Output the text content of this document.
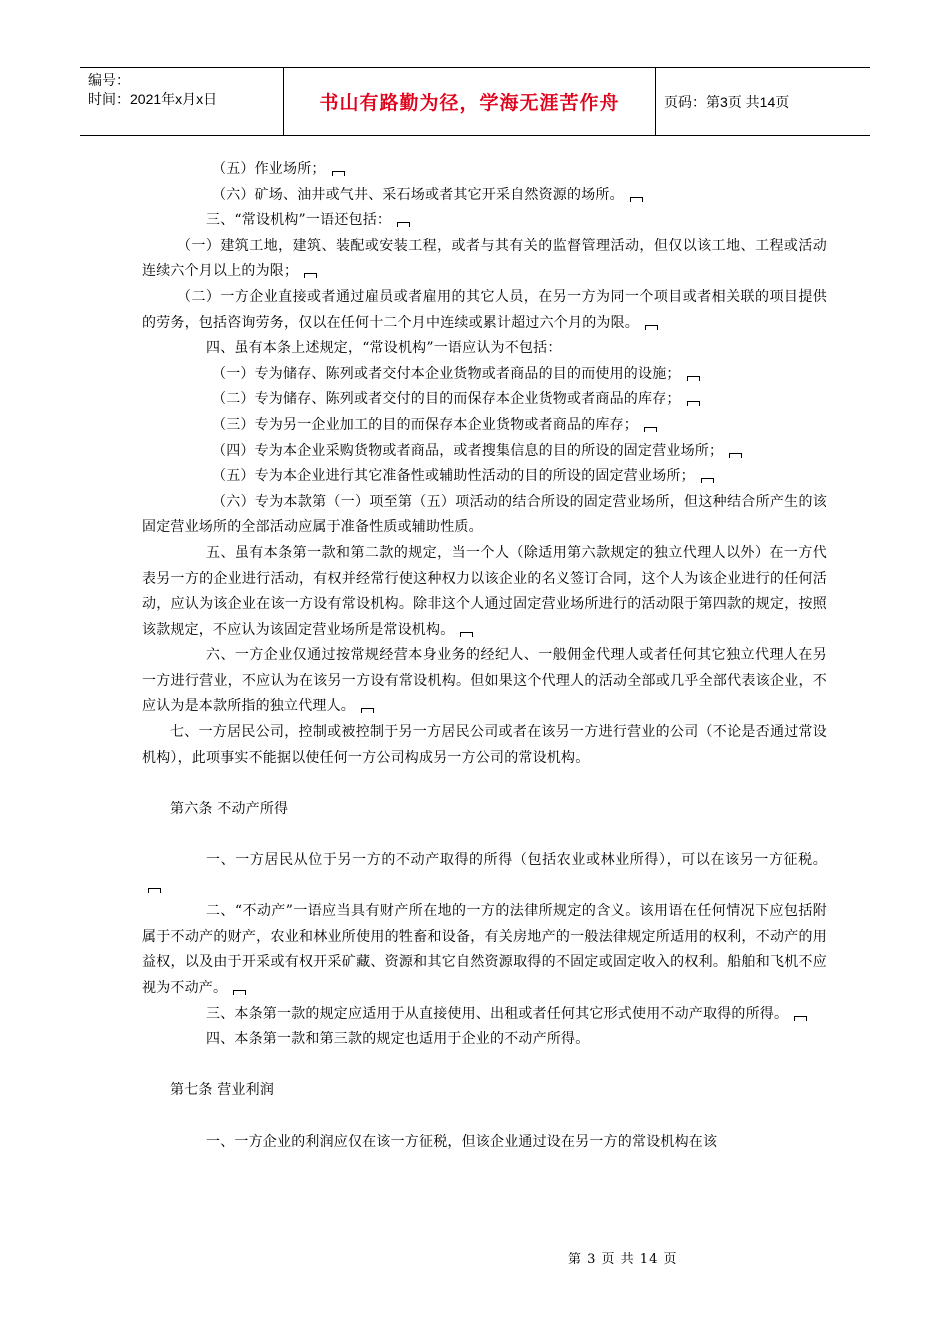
编号：
时间：2021年x月x日	书山有路勤为径，学海无涯苦作舟	页码：第3页 共14页

（五）作业场所；

（六）矿场、油井或气井、采石场或者其它开采自然资源的场所。

三、“常设机构”一语还包括：

（一）建筑工地，建筑、装配或安装工程，或者与其有关的监督管理活动，但仅以该工地、工程或活动连续六个月以上的为限；

（二）一方企业直接或者通过雇员或者雇用的其它人员，在另一方为同一个项目或者相关联的项目提供的劳务，包括咨询劳务，仅以在任何十二个月中连续或累计超过六个月的为限。

四、虽有本条上述规定，“常设机构”一语应认为不包括：

（一）专为储存、陈列或者交付本企业货物或者商品的目的而使用的设施；

（二）专为储存、陈列或者交付的目的而保存本企业货物或者商品的库存；

（三）专为另一企业加工的目的而保存本企业货物或者商品的库存；

（四）专为本企业采购货物或者商品，或者搜集信息的目的所设的固定营业场所；

（五）专为本企业进行其它准备性或辅助性活动的目的所设的固定营业场所；

（六）专为本款第（一）项至第（五）项活动的结合所设的固定营业场所，但这种结合所产生的该固定营业场所的全部活动应属于准备性质或辅助性质。

五、虽有本条第一款和第二款的规定，当一个人（除适用第六款规定的独立代理人以外）在一方代表另一方的企业进行活动，有权并经常行使这种权力以该企业的名义签订合同，这个人为该企业进行的任何活动，应认为该企业在该一方设有常设机构。除非这个人通过固定营业场所进行的活动限于第四款的规定，按照该款规定，不应认为该固定营业场所是常设机构。

六、一方企业仅通过按常规经营本身业务的经纪人、一般佣金代理人或者任何其它独立代理人在另一方进行营业，不应认为在该另一方设有常设机构。但如果这个代理人的活动全部或几乎全部代表该企业，不应认为是本款所指的独立代理人。

七、一方居民公司，控制或被控制于另一方居民公司或者在该另一方进行营业的公司（不论是否通过常设机构），此项事实不能据以使任何一方公司构成另一方公司的常设机构。

第六条 不动产所得

一、一方居民从位于另一方的不动产取得的所得（包括农业或林业所得），可以在该另一方征税。

二、“不动产”一语应当具有财产所在地的一方的法律所规定的含义。该用语在任何情况下应包括附属于不动产的财产，农业和林业所使用的牲畜和设备，有关房地产的一般法律规定所适用的权利，不动产的用益权，以及由于开采或有权开采矿藏、资源和其它自然资源取得的不固定或固定收入的权利。船舶和飞机不应视为不动产。

三、本条第一款的规定应适用于从直接使用、出租或者任何其它形式使用不动产取得的所得。

四、本条第一款和第三款的规定也适用于企业的不动产所得。

第七条 营业利润

一、一方企业的利润应仅在该一方征税，但该企业通过设在另一方的常设机构在该

第 3 页 共 14 页
